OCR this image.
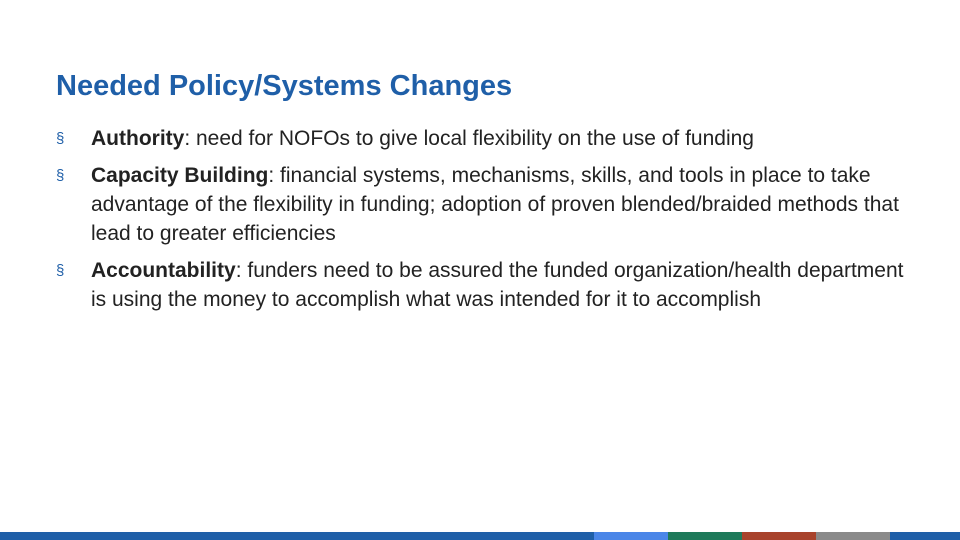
Needed Policy/Systems Changes
§	Authority: need for NOFOs to give local flexibility on the use of funding
§	Capacity Building: financial systems, mechanisms, skills, and tools in place to take advantage of the flexibility in funding; adoption of proven blended/braided methods that lead to greater efficiencies
§	Accountability: funders need to be assured the funded organization/health department is using the money to accomplish what was intended for it to accomplish
